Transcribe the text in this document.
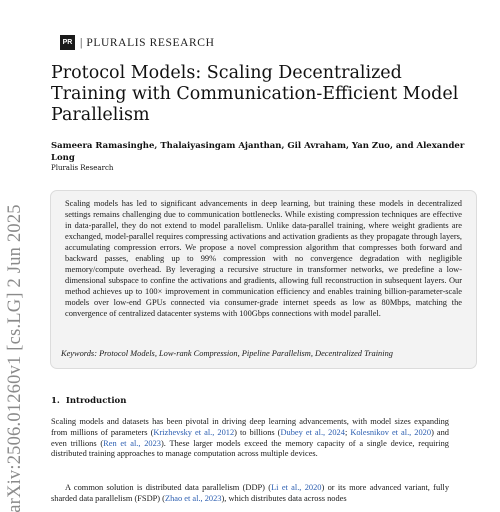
arXiv:2506.01260v1 [cs.LG] 2 Jun 2025
PR | PLURALIS RESEARCH
Protocol Models: Scaling Decentralized Training with Communication-Efficient Model Parallelism
Sameera Ramasinghe, Thalaiyasingam Ajanthan, Gil Avraham, Yan Zuo, and Alexander Long
Pluralis Research
Scaling models has led to significant advancements in deep learning, but training these models in decentralized settings remains challenging due to communication bottlenecks. While existing compression techniques are effective in data-parallel, they do not extend to model parallelism. Unlike data-parallel training, where weight gradients are exchanged, model-parallel requires compressing activations and activation gradients as they propagate through layers, accumulating compression errors. We propose a novel compression algorithm that compresses both forward and backward passes, enabling up to 99% compression with no convergence degradation with negligible memory/compute overhead. By leveraging a recursive structure in transformer networks, we predefine a low-dimensional subspace to confine the activations and gradients, allowing full reconstruction in subsequent layers. Our method achieves up to 100× improvement in communication efficiency and enables training billion-parameter-scale models over low-end GPUs connected via consumer-grade internet speeds as low as 80Mbps, matching the convergence of centralized datacenter systems with 100Gbps connections with model parallel.
Keywords: Protocol Models, Low-rank Compression, Pipeline Parallelism, Decentralized Training
1. Introduction
Scaling models and datasets has been pivotal in driving deep learning advancements, with model sizes expanding from millions of parameters (Krizhevsky et al., 2012) to billions (Dubey et al., 2024; Kolesnikov et al., 2020) and even trillions (Ren et al., 2023). These larger models exceed the memory capacity of a single device, requiring distributed training approaches to manage computation across multiple devices.
A common solution is distributed data parallelism (DDP) (Li et al., 2020) or its more advanced variant, fully sharded data parallelism (FSDP) (Zhao et al., 2023), which distributes data across nodes
